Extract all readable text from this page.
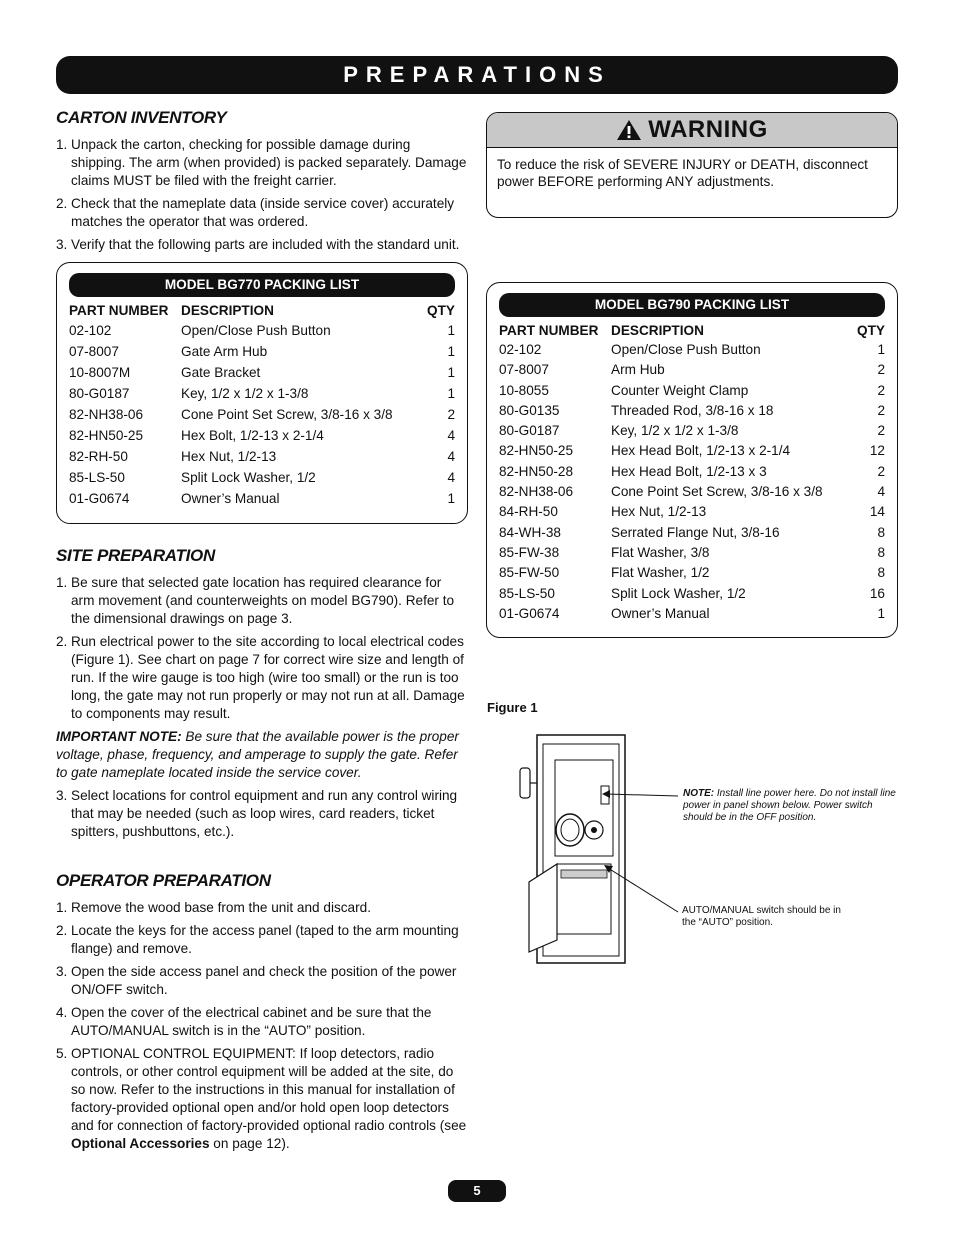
PREPARATIONS
CARTON INVENTORY
1. Unpack the carton, checking for possible damage during shipping. The arm (when provided) is packed separately. Damage claims MUST be filed with the freight carrier.
2. Check that the nameplate data (inside service cover) accurately matches the operator that was ordered.
3. Verify that the following parts are included with the standard unit.
MODEL BG770 PACKING LIST
PART NUMBER	DESCRIPTION	QTY
02-102	Open/Close Push Button	1
07-8007	Gate Arm Hub	1
10-8007M	Gate Bracket	1
80-G0187	Key, 1/2 x 1/2 x 1-3/8	1
82-NH38-06	Cone Point Set Screw, 3/8-16 x 3/8	2
82-HN50-25	Hex Bolt, 1/2-13 x 2-1/4	4
82-RH-50	Hex Nut, 1/2-13	4
85-LS-50	Split Lock Washer, 1/2	4
01-G0674	Owner’s Manual	1
SITE PREPARATION
1. Be sure that selected gate location has required clearance for arm movement (and counterweights on model BG790). Refer to the dimensional drawings on page 3.
2. Run electrical power to the site according to local electrical codes (Figure 1). See chart on page 7 for correct wire size and length of run. If the wire gauge is too high (wire too small) or the run is too long, the gate may not run properly or may not run at all. Damage to components may result.

IMPORTANT NOTE: Be sure that the available power is the proper voltage, phase, frequency, and amperage to supply the gate. Refer to gate nameplate located inside the service cover.

3. Select locations for control equipment and run any control wiring that may be needed (such as loop wires, card readers, ticket spitters, pushbuttons, etc.).
OPERATOR PREPARATION
1. Remove the wood base from the unit and discard.
2. Locate the keys for the access panel (taped to the arm mounting flange) and remove.
3. Open the side access panel and check the position of the power ON/OFF switch.
4. Open the cover of the electrical cabinet and be sure that the AUTO/MANUAL switch is in the “AUTO” position.
5. OPTIONAL CONTROL EQUIPMENT: If loop detectors, radio controls, or other control equipment will be added at the site, do so now. Refer to the instructions in this manual for installation of factory-provided optional open and/or hold open loop detectors and for connection of factory-provided optional radio controls (see Optional Accessories on page 12).
WARNING
To reduce the risk of SEVERE INJURY or DEATH, disconnect power BEFORE performing ANY adjustments.
MODEL BG790 PACKING LIST
PART NUMBER	DESCRIPTION	QTY
02-102	Open/Close Push Button	1
07-8007	Arm Hub	2
10-8055	Counter Weight Clamp	2
80-G0135	Threaded Rod, 3/8-16 x 18	2
80-G0187	Key, 1/2 x 1/2 x 1-3/8	2
82-HN50-25	Hex Head Bolt, 1/2-13 x 2-1/4	12
82-HN50-28	Hex Head Bolt, 1/2-13 x 3	2
82-NH38-06	Cone Point Set Screw, 3/8-16 x 3/8	4
84-RH-50	Hex Nut, 1/2-13	14
84-WH-38	Serrated Flange Nut, 3/8-16	8
85-FW-38	Flat Washer, 3/8	8
85-FW-50	Flat Washer, 1/2	8
85-LS-50	Split Lock Washer, 1/2	16
01-G0674	Owner’s Manual	1
Figure 1
NOTE: Install line power here. Do not install line power in panel shown below. Power switch should be in the OFF position.
AUTO/MANUAL switch should be in the “AUTO” position.
5
